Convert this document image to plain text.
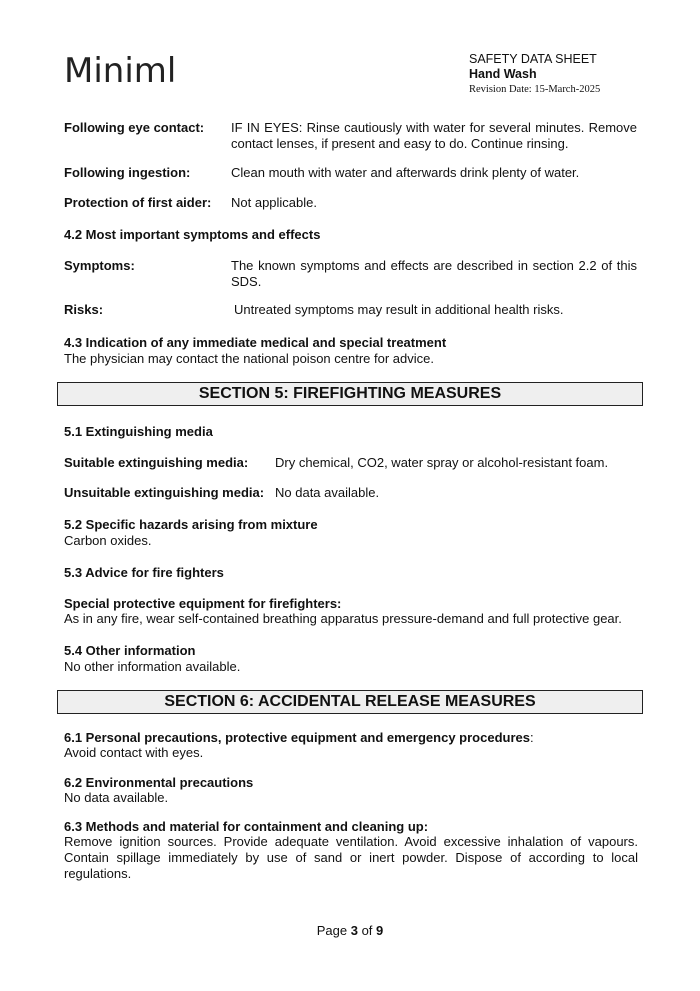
Miniml	SAFETY DATA SHEET
Hand Wash
Revision Date: 15-March-2025
Following eye contact: IF IN EYES: Rinse cautiously with water for several minutes. Remove contact lenses, if present and easy to do. Continue rinsing.
Following ingestion:	Clean mouth with water and afterwards drink plenty of water.
Protection of first aider: Not applicable.
4.2 Most important symptoms and effects
Symptoms:	The known symptoms and effects are described in section 2.2 of this SDS.
Risks:	Untreated symptoms may result in additional health risks.
4.3 Indication of any immediate medical and special treatment
The physician may contact the national poison centre for advice.
SECTION 5: FIREFIGHTING MEASURES
5.1 Extinguishing media
Suitable extinguishing media: Dry chemical, CO2, water spray or alcohol-resistant foam.
Unsuitable extinguishing media: No data available.
5.2 Specific hazards arising from mixture
Carbon oxides.
5.3 Advice for fire fighters
Special protective equipment for firefighters:
As in any fire, wear self-contained breathing apparatus pressure-demand and full protective gear.
5.4 Other information
No other information available.
SECTION 6: ACCIDENTAL RELEASE MEASURES
6.1 Personal precautions, protective equipment and emergency procedures:
Avoid contact with eyes.
6.2 Environmental precautions
No data available.
6.3 Methods and material for containment and cleaning up:
Remove ignition sources. Provide adequate ventilation. Avoid excessive inhalation of vapours. Contain spillage immediately by use of sand or inert powder. Dispose of according to local regulations.
Page 3 of 9
